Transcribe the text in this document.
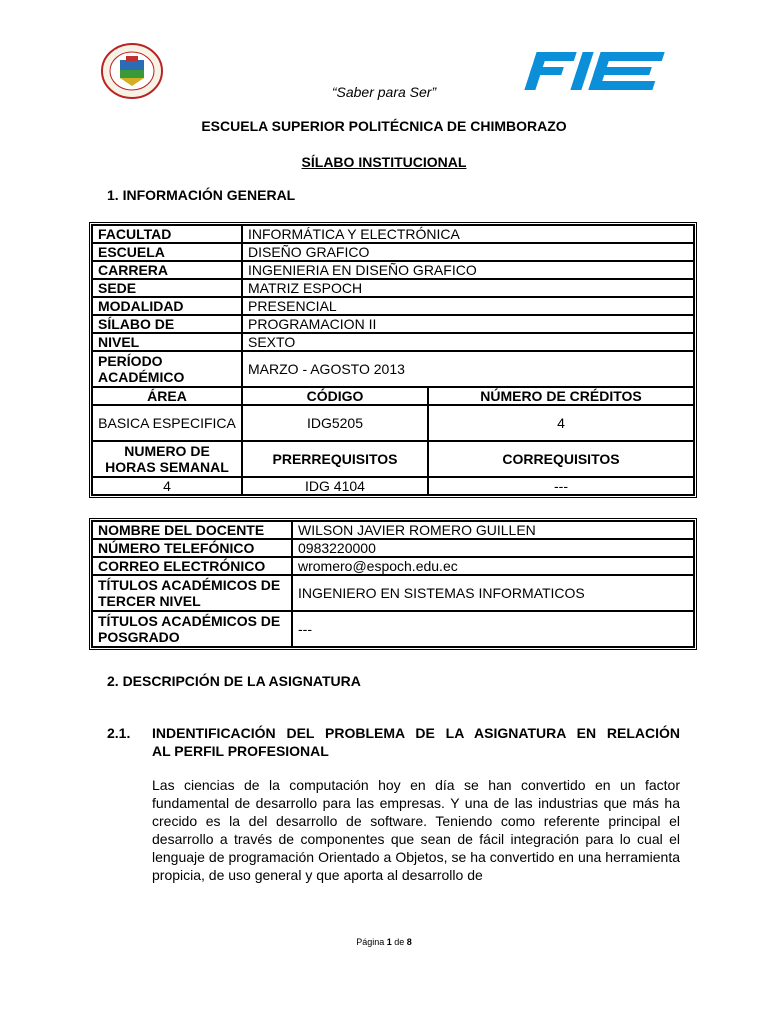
“Saber para Ser”
ESCUELA SUPERIOR POLITÉCNICA DE CHIMBORAZO
SÍLABO INSTITUCIONAL
1. INFORMACIÓN GENERAL
FACULTAD	INFORMÁTICA Y ELECTRÓNICA	
ESCUELA	DISEÑO GRAFICO	
CARRERA	INGENIERIA EN DISEÑO GRAFICO	
SEDE	MATRIZ ESPOCH	
MODALIDAD	PRESENCIAL	
SÍLABO DE	PROGRAMACION II	
NIVEL	SEXTO	
PERÍODO ACADÉMICO	MARZO - AGOSTO 2013	
ÁREA	CÓDIGO	NÚMERO DE CRÉDITOS
BASICA ESPECIFICA	IDG5205	4
NUMERO DE HORAS SEMANAL	PRERREQUISITOS	CORREQUISITOS
4	IDG 4104	---
NOMBRE DEL DOCENTE	WILSON JAVIER ROMERO GUILLEN
NÚMERO TELEFÓNICO	0983220000
CORREO ELECTRÓNICO	wromero@espoch.edu.ec
TÍTULOS ACADÉMICOS DE TERCER NIVEL	INGENIERO EN SISTEMAS INFORMATICOS
TÍTULOS ACADÉMICOS DE POSGRADO	---
2. DESCRIPCIÓN DE LA ASIGNATURA
2.1. INDENTIFICACIÓN DEL PROBLEMA DE LA ASIGNATURA EN RELACIÓN
AL PERFIL PROFESIONAL
Las ciencias de la computación hoy en día se han convertido en un factor fundamental de desarrollo para las empresas. Y una de las industrias que más ha crecido es la del desarrollo de software. Teniendo como referente principal el desarrollo a través de componentes que sean de fácil integración para lo cual el lenguaje de programación Orientado a Objetos, se ha convertido en una herramienta propicia, de uso general y que aporta al desarrollo de
Página 1 de 8
